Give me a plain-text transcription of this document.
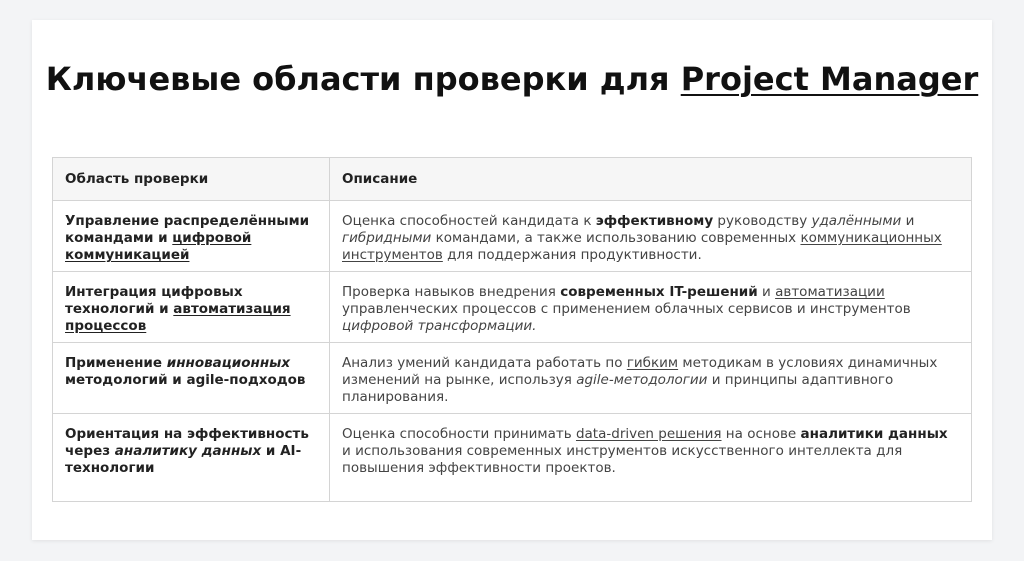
Ключевые области проверки для Project Manager
Область проверки	Описание
Управление распределёнными командами и цифровой коммуникацией	Оценка способностей кандидата к эффективному руководству удалёнными и гибридными командами, а также использованию современных коммуникационных инструментов для поддержания продуктивности.
Интеграция цифровых технологий и автоматизация процессов	Проверка навыков внедрения современных IT-решений и автоматизации управленческих процессов с применением облачных сервисов и инструментов цифровой трансформации.
Применение инновационных методологий и agile-подходов	Анализ умений кандидата работать по гибким методикам в условиях динамичных изменений на рынке, используя agile-методологии и принципы адаптивного планирования.
Ориентация на эффективность через аналитику данных и AI-технологии	Оценка способности принимать data-driven решения на основе аналитики данных и использования современных инструментов искусственного интеллекта для повышения эффективности проектов.
